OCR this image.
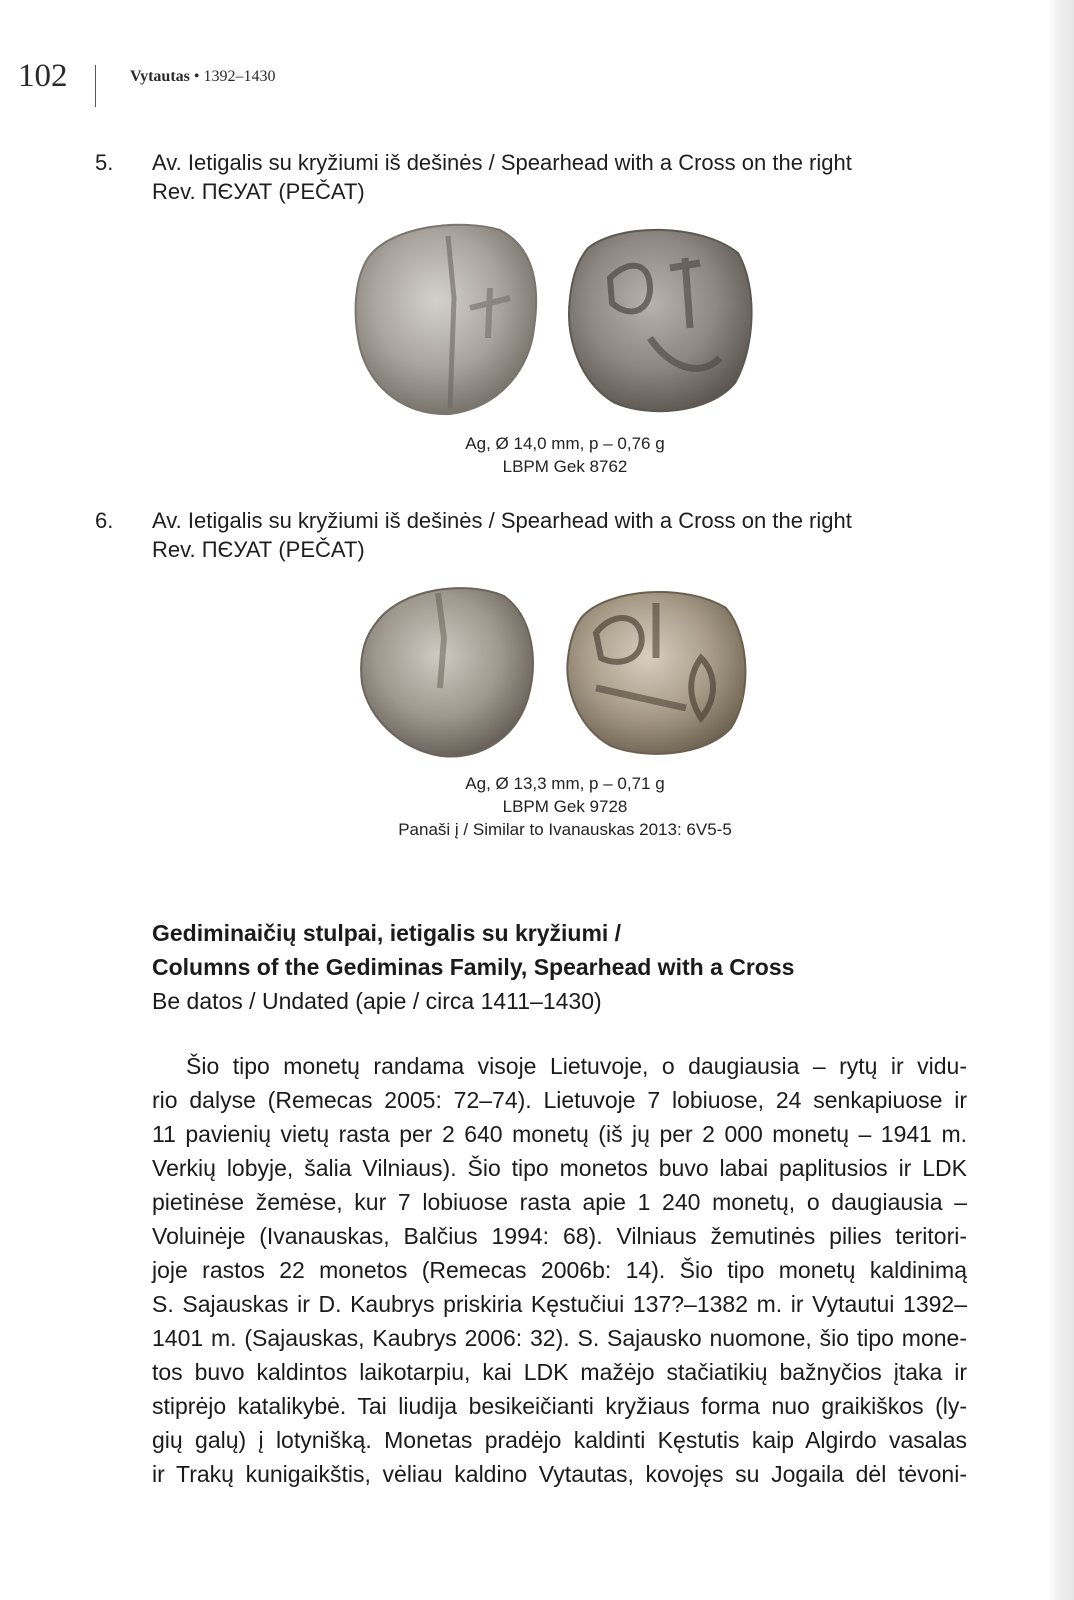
102	Vytautas • 1392–1430
5. Av. Ietigalis su kryžiumi iš dešinės / Spearhead with a Cross on the right
Rev. ПЄУАТ (PEČAT)
Ag, Ø 14,0 mm, p – 0,76 g
LBPM Gek 8762
6. Av. Ietigalis su kryžiumi iš dešinės / Spearhead with a Cross on the right
Rev. ПЄУАТ (PEČAT)
Ag, Ø 13,3 mm, p – 0,71 g
LBPM Gek 9728
Panaši į / Similar to Ivanauskas 2013: 6V5-5
Gediminaičių stulpai, ietigalis su kryžiumi /
Columns of the Gediminas Family, Spearhead with a Cross
Be datos / Undated (apie / circa 1411–1430)
Šio tipo monetų randama visoje Lietuvoje, o daugiausia – rytų ir vidu-
rio dalyse (Remecas 2005: 72–74). Lietuvoje 7 lobiuose, 24 senkapiuose ir
11 pavienių vietų rasta per 2 640 monetų (iš jų per 2 000 monetų – 1941 m.
Verkių lobyje, šalia Vilniaus). Šio tipo monetos buvo labai paplitusios ir LDK
pietinėse žemėse, kur 7 lobiuose rasta apie 1 240 monetų, o daugiausia –
Voluinėje (Ivanauskas, Balčius 1994: 68). Vilniaus žemutinės pilies teritori-
joje rastos 22 monetos (Remecas 2006b: 14). Šio tipo monetų kaldinimą
S. Sajauskas ir D. Kaubrys priskiria Kęstučiui 137?–1382 m. ir Vytautui 1392–
1401 m. (Sajauskas, Kaubrys 2006: 32). S. Sajausko nuomone, šio tipo mone-
tos buvo kaldintos laikotarpiu, kai LDK mažėjo stačiatikių bažnyčios įtaka ir
stiprėjo katalikybė. Tai liudija besikeičianti kryžiaus forma nuo graikiškos (ly-
gių galų) į lotynišką. Monetas pradėjo kaldinti Kęstutis kaip Algirdo vasalas
ir Trakų kunigaikštis, vėliau kaldino Vytautas, kovojęs su Jogaila dėl tėvoni-
